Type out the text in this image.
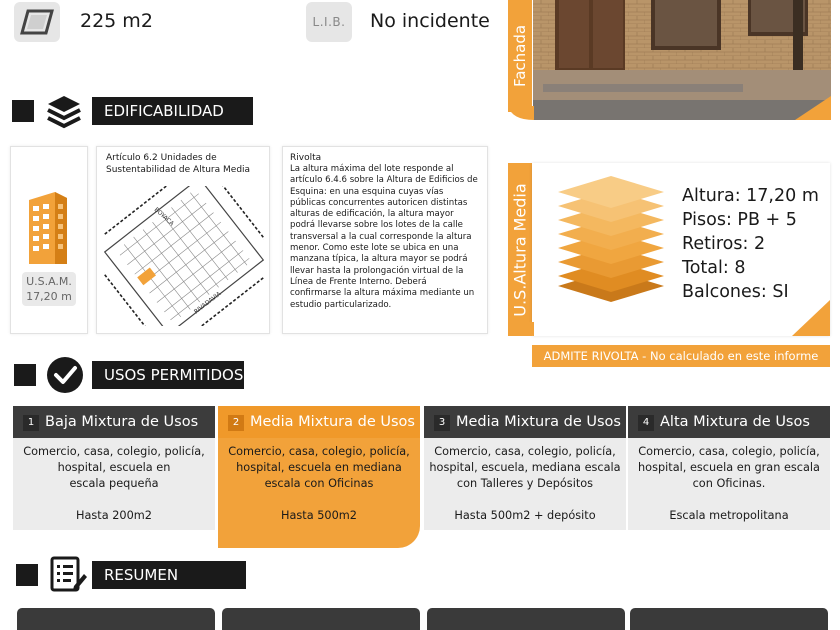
225 m2	L.I.B. No incidente
Fachada
EDIFICABILIDAD
U.S.A.M.
17,20 m
Artículo 6.2 Unidades de Sustentabilidad de Altura Media
BOYACA
RIVADAVIA
Rivolta
La altura máxima del lote responde al artículo 6.4.6 sobre la Altura de Edificios de Esquina: en una esquina cuyas vías públicas concurrentes autoricen distintas alturas de edificación, la altura mayor podrá llevarse sobre los lotes de la calle transversal a la cual corresponde la altura menor. Como este lote se ubica en una manzana típica, la altura mayor se podrá llevar hasta la prolongación virtual de la Línea de Frente Interno. Deberá confirmarse la altura máxima mediante un estudio particularizado.	U.S.Altura Media	Altura: 17,20 m
Pisos: PB + 5
Retiros: 2
Total: 8
Balcones: SI
ADMITE RIVOLTA - No calculado en este informe
USOS PERMITIDOS
1 Baja Mixtura de Usos
Comercio, casa, colegio, policía,
hospital, escuela en
escala pequeña
Hasta 200m2
2 Media Mixtura de Usos
Comercio, casa, colegio, policía,
hospital, escuela en mediana
escala con Oficinas
Hasta 500m2
3 Media Mixtura de Usos
Comercio, casa, colegio, policía,
hospital, escuela, mediana escala
con Talleres y Depósitos
Hasta 500m2 + depósito
4 Alta Mixtura de Usos
Comercio, casa, colegio, policía,
hospital, escuela en gran escala
con Oficinas.
Escala metropolitana
RESUMEN
